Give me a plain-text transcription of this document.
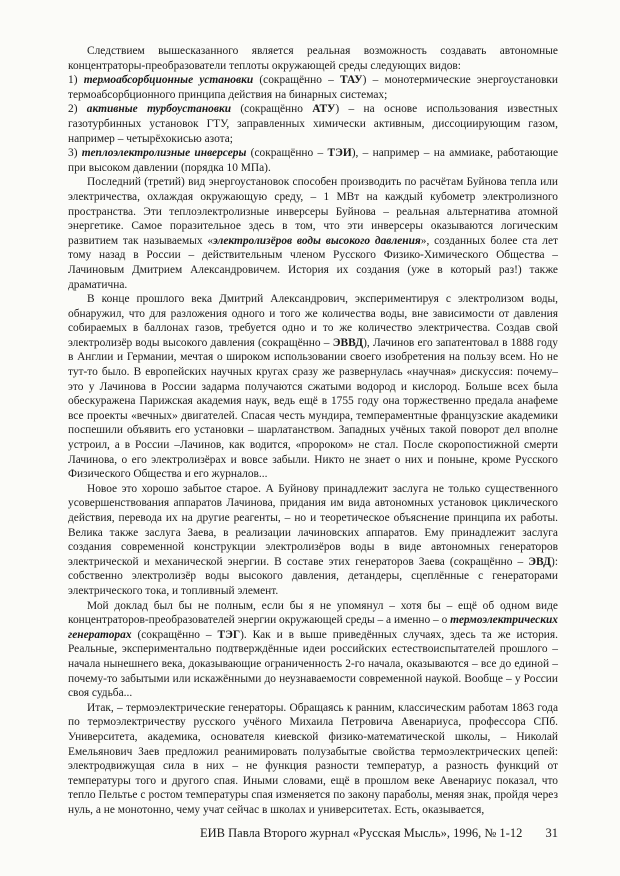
Следствием вышесказанного является реальная возможность создавать автономные концентраторы-преобразователи теплоты окружающей среды следующих видов:

1) термоабсорбционные установки (сокращённо – ТАУ) – монотермические энергоустановки термоабсорбционного принципа действия на бинарных системах;

2) активные турбоустановки (сокращённо АТУ) – на основе использования известных газотурбинных установок ГТУ, заправленных химически активным, диссоциирующим газом, например – четырёхокисью азота;

3) теплоэлектролизные инверсеры (сокращённо – ТЭИ), – например – на аммиаке, работающие при высоком давлении (порядка 10 МПа).

Последний (третий) вид энергоустановок способен производить по расчётам Буйнова тепла или электричества, охлаждая окружающую среду, – 1 МВт на каждый кубометр электролизного пространства. Эти теплоэлектролизные инверсеры Буйнова – реальная альтернатива атомной энергетике. Самое поразительное здесь в том, что эти инверсеры оказываются логическим развитием так называемых «электролизёров воды высокого давления», созданных более ста лет тому назад в России – действительным членом Русского Физико-Химического Общества – Лачиновым Дмитрием Александровичем. История их создания (уже в который раз!) также драматична.

В конце прошлого века Дмитрий Александрович, экспериментируя с электролизом воды, обнаружил, что для разложения одного и того же количества воды, вне зависимости от давления собираемых в баллонах газов, требуется одно и то же количество электричества. Создав свой электролизёр воды высокого давления (сокращённо – ЭВВД), Лачинов его запатентовал в 1888 году в Англии и Германии, мечтая о широком использовании своего изобретения на пользу всем. Но не тут-то было. В европейских научных кругах сразу же развернулась «научная» дискуссия: почему–это у Лачинова в России задарма получаются сжатыми водород и кислород. Больше всех была обескуражена Парижская академия наук, ведь ещё в 1755 году она торжественно предала анафеме все проекты «вечных» двигателей. Спасая честь мундира, темпераментные французские академики поспешили объявить его установки – шарлатанством. Западных учёных такой поворот дел вполне устроил, а в России –Лачинов, как водится, «пророком» не стал. После скоропостижной смерти Лачинова, о его электролизёрах и вовсе забыли. Никто не знает о них и поныне, кроме Русского Физического Общества и его журналов...

Новое это хорошо забытое старое. А Буйнову принадлежит заслуга не только существенного усовершенствования аппаратов Лачинова, придания им вида автономных установок циклического действия, перевода их на другие реагенты, – но и теоретическое объяснение принципа их работы. Велика также заслуга Заева, в реализации лачиновских аппаратов. Ему принадлежит заслуга создания современной конструкции электролизёров воды в виде автономных генераторов электрической и механической энергии. В составе этих генераторов Заева (сокращённо – ЭВД): собственно электролизёр воды высокого давления, детандеры, сцеплённые с генераторами электрического тока, и топливный элемент.

Мой доклад был бы не полным, если бы я не упомянул – хотя бы – ещё об одном виде концентраторов-преобразователей энергии окружающей среды – а именно – о термоэлектрических генераторах (сокращённо – ТЭГ). Как и в выше приведённых случаях, здесь та же история. Реальные, экспериментально подтверждённые идеи российских естествоиспытателей прошлого – начала нынешнего века, доказывающие ограниченность 2-го начала, оказываются – все до единой – почему-то забытыми или искажёнными до неузнаваемости современной наукой. Вообще – у России своя судьба...

Итак, – термоэлектрические генераторы. Обращаясь к ранним, классическим работам 1863 года по термоэлектричеству русского учёного Михаила Петровича Авенариуса, профессора СПб. Университета, академика, основателя киевской физико-математической школы, – Николай Емельянович Заев предложил реанимировать полузабытые свойства термоэлектрических цепей: электродвижущая сила в них – не функция разности температур, а разность функций от температуры того и другого спая. Иными словами, ещё в прошлом веке Авенариус показал, что тепло Пельтье с ростом температуры спая изменяется по закону параболы, меняя знак, пройдя через нуль, а не монотонно, чему учат сейчас в школах и университетах. Есть, оказывается,

ЕИВ Павла Второго журнал «Русская Мысль», 1996, № 1-12 31
